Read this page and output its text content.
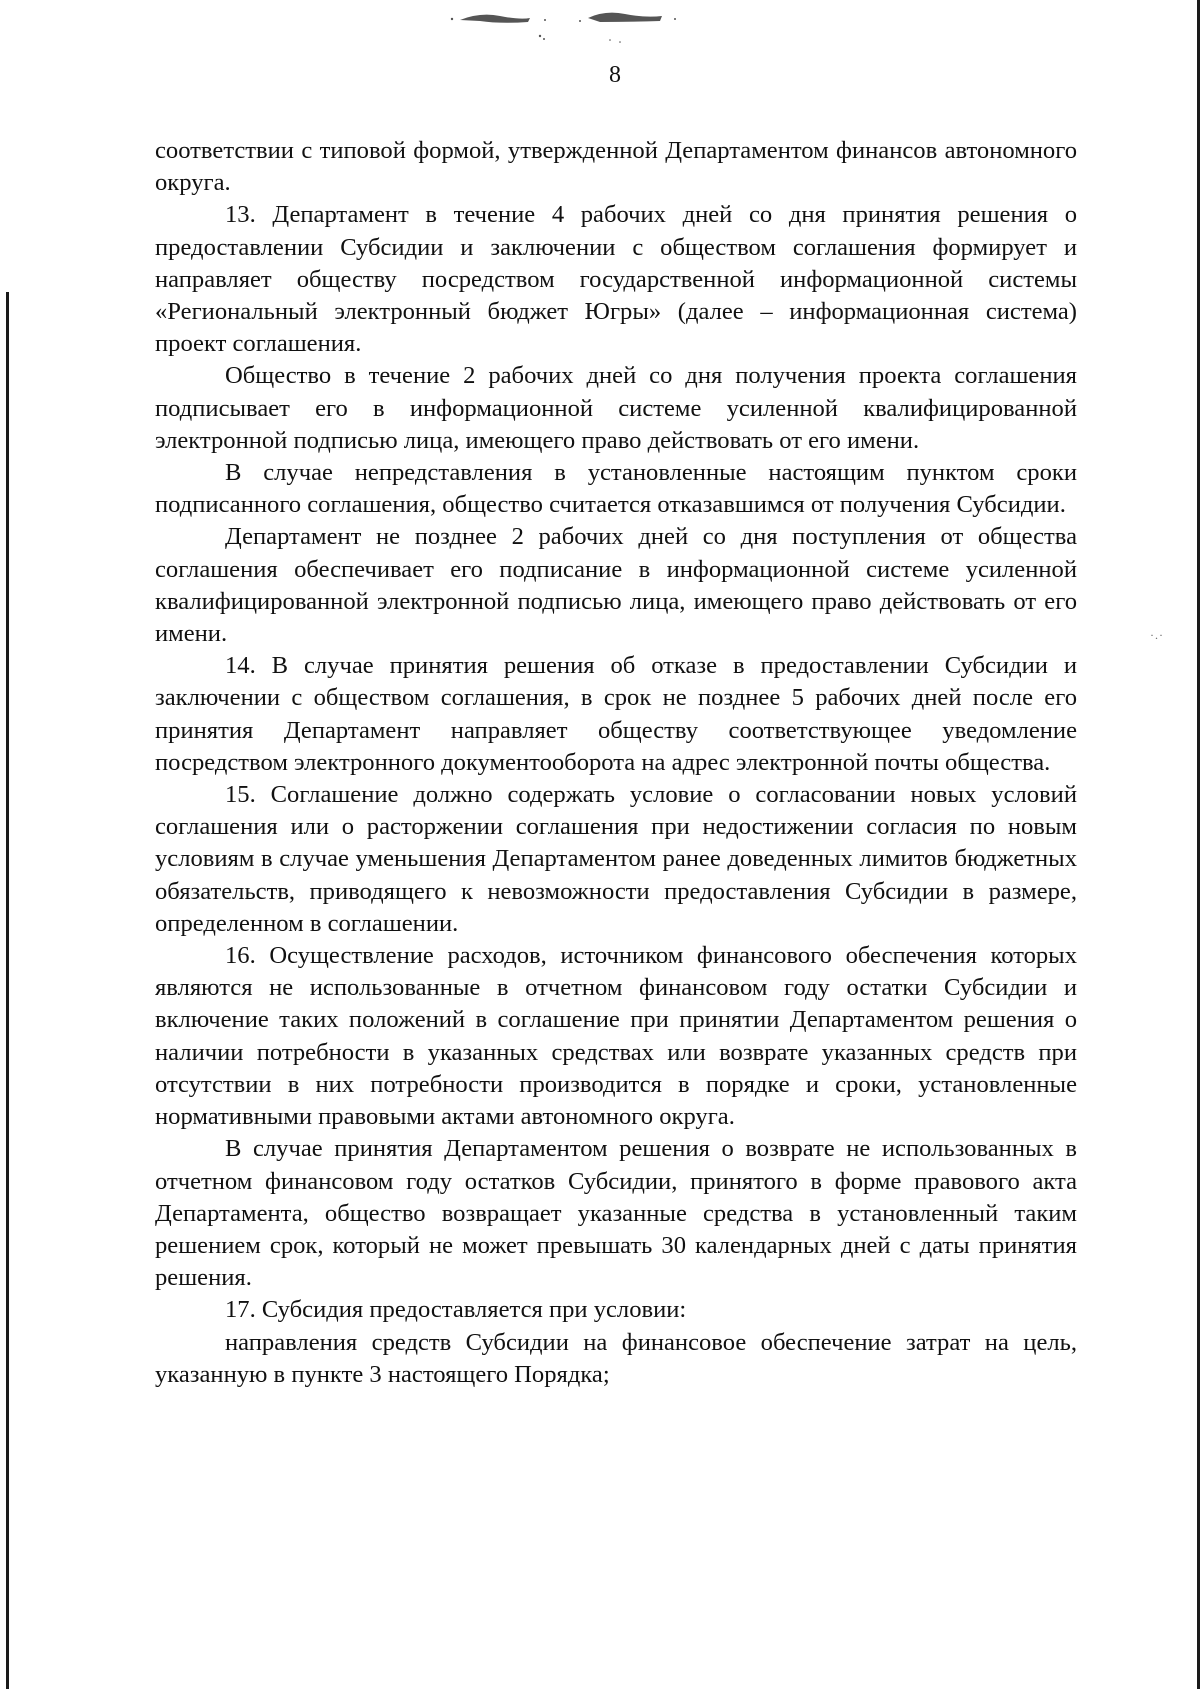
8
·.·

соответствии с типовой формой, утвержденной Департаментом финансов автономного округа.

13. Департамент в течение 4 рабочих дней со дня принятия решения о предоставлении Субсидии и заключении с обществом соглашения формирует и направляет обществу посредством государственной информационной системы «Региональный электронный бюджет Югры» (далее – информационная система) проект соглашения.

Общество в течение 2 рабочих дней со дня получения проекта соглашения подписывает его в информационной системе усиленной квалифицированной электронной подписью лица, имеющего право действовать от его имени.

В случае непредставления в установленные настоящим пунктом сроки подписанного соглашения, общество считается отказавшимся от получения Субсидии.

Департамент не позднее 2 рабочих дней со дня поступления от общества соглашения обеспечивает его подписание в информационной системе усиленной квалифицированной электронной подписью лица, имеющего право действовать от его имени.

14. В случае принятия решения об отказе в предоставлении Субсидии и заключении с обществом соглашения, в срок не позднее 5 рабочих дней после его принятия Департамент направляет обществу соответствующее уведомление посредством электронного документооборота на адрес электронной почты общества.

15. Соглашение должно содержать условие о согласовании новых условий соглашения или о расторжении соглашения при недостижении согласия по новым условиям в случае уменьшения Департаментом ранее доведенных лимитов бюджетных обязательств, приводящего к невозможности предоставления Субсидии в размере, определенном в соглашении.

16. Осуществление расходов, источником финансового обеспечения которых являются не использованные в отчетном финансовом году остатки Субсидии и включение таких положений в соглашение при принятии Департаментом решения о наличии потребности в указанных средствах или возврате указанных средств при отсутствии в них потребности производится в порядке и сроки, установленные нормативными правовыми актами автономного округа.

В случае принятия Департаментом решения о возврате не использованных в отчетном финансовом году остатков Субсидии, принятого в форме правового акта Департамента, общество возвращает указанные средства в установленный таким решением срок, который не может превышать 30 календарных дней с даты принятия решения.

17. Субсидия предоставляется при условии:

направления средств Субсидии на финансовое обеспечение затрат на цель, указанную в пункте 3 настоящего Порядка;
